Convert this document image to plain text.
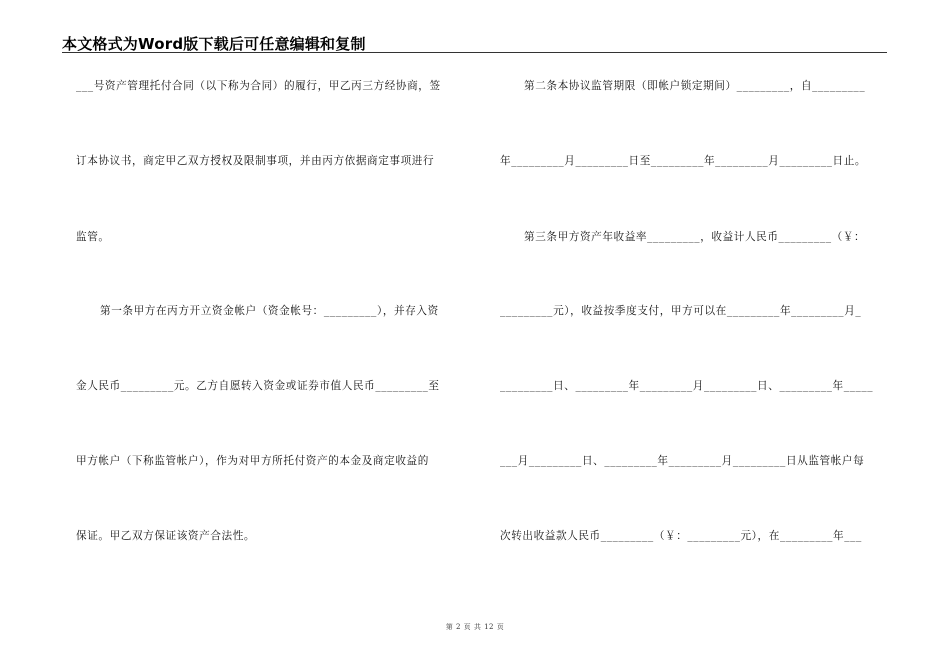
本文格式为Word版下载后可任意编辑和复制
___号资产管理托付合同（以下称为合同）的履行，甲乙丙三方经协商，签
订本协议书，商定甲乙双方授权及限制事项，并由丙方依据商定事项进行
监管。
第一条甲方在丙方开立资金帐户（资金帐号：_________），并存入资
金人民币_________元。乙方自愿转入资金或证券市值人民币_________至
甲方帐户（下称监管帐户），作为对甲方所托付资产的本金及商定收益的
保证。甲乙双方保证该资产合法性。
第二条本协议监管期限（即帐户锁定期间）_________，自_________
年_________月_________日至_________年_________月_________日止。
第三条甲方资产年收益率_________，收益计人民币_________（￥：
_________元），收益按季度支付，甲方可以在_________年_________月_
_________日、_________年_________月_________日、_________年_____
___月_________日、_________年_________月_________日从监管帐户每
次转出收益款人民币_________（￥：_________元），在_________年___
第 2 页 共 12 页
